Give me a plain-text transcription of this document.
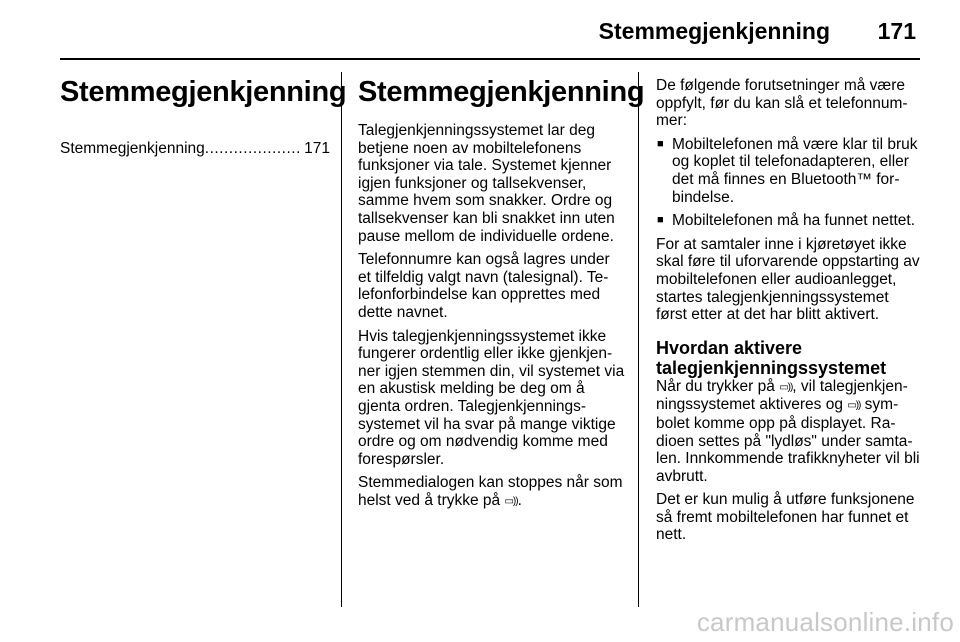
Stemmegjenkjenning 171
Stemmegjenkjenning
Stemmegjenkjenning
.....	171
Stemmegjenkjenning

Talegjenkjenningssystemet lar deg betjene noen av mobiltelefonens funksjoner via tale. Systemet kjenner igjen funksjoner og tallsekvenser, samme hvem som snakker. Ordre og tallsekvenser kan bli snakket inn uten pause mellom de individuelle ordene.

Telefonnumre kan også lagres under et tilfeldig valgt navn (talesignal). Telefonforbindelse kan opprettes med dette navnet.

Hvis talegjenkjenningssystemet ikke fungerer ordentlig eller ikke gjenkjenner igjen stemmen din, vil systemet via en akustisk melding be deg om å gjenta ordren. Talegjenkjenningssystemet vil ha svar på mange viktige ordre og om nødvendig komme med forespørsler.

Stemmedialogen kan stoppes når som helst ved å trykke på ▭)).

De følgende forutsetninger må være oppfylt, før du kan slå et telefonnummer:

■ Mobiltelefonen må være klar til bruk og koplet til telefonadapteren, eller det må finnes en Bluetooth™ forbindelse.
■ Mobiltelefonen må ha funnet nettet.

For at samtaler inne i kjøretøyet ikke skal føre til uforvarende oppstarting av mobiltelefonen eller audioanlegget, startes talegjenkjenningssystemet først etter at det har blitt aktivert.

Hvordan aktivere talegjenkjenningssystemet

Når du trykker på ▭)), vil talegjenkjenningssystemet aktiveres og ▭)) symbolet komme opp på displayet. Radioen settes på "lydløs" under samtalen. Innkommende trafikknyheter vil bli avbrutt.

Det er kun mulig å utføre funksjonene så fremt mobiltelefonen har funnet et nett.

carmanualsonline.info
